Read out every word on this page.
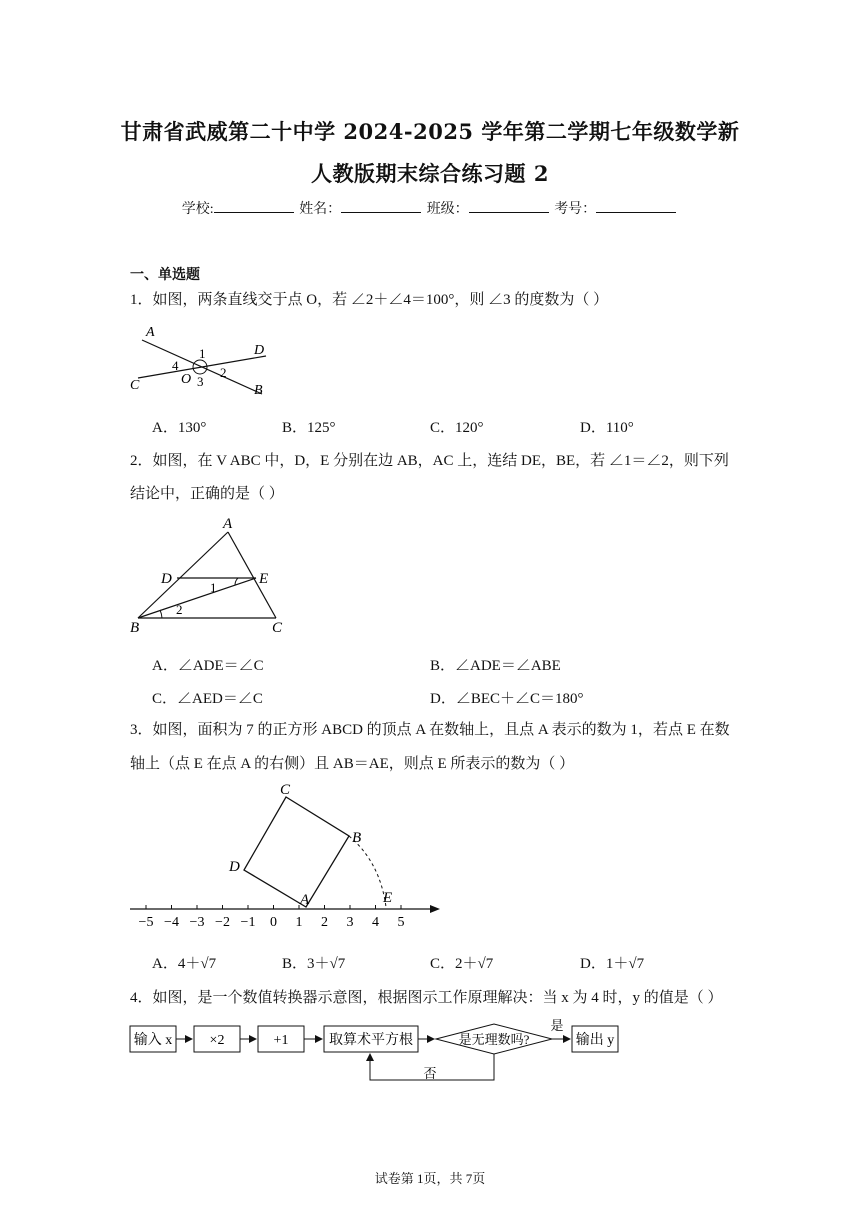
甘肃省武威第二十中学 2024-2025 学年第二学期七年级数学新
人教版期末综合练习题 2
学校:	姓名：	班级：	考号：
一、单选题
1．如图，两条直线交于点 O，若 ∠2＋∠4＝100°，则 ∠3 的度数为（ ）
A
D
C	B
O
1
2
3
4
A．130°	B．125°	C．120°	D．110°
2．如图，在 V ABC 中，D，E 分别在边 AB，AC 上，连结 DE，BE，若 ∠1＝∠2，则下列
结论中，正确的是（ ）
A
D	E
B	C
1
2
A．∠ADE＝∠C	B．∠ADE＝∠ABE
C．∠AED＝∠C	D．∠BEC＋∠C＝180°
3．如图，面积为 7 的正方形 ABCD 的顶点 A 在数轴上，且点 A 表示的数为 1，若点 E 在数
轴上（点 E 在点 A 的右侧）且 AB＝AE，则点 E 所表示的数为（ ）
−5 −4 −3 −2 −1 0 1 2 3 4 5
C
B
D
A	E
A．4＋√7	B．3＋√7	C．2＋√7	D．1＋√7
4．如图，是一个数值转换器示意图，根据图示工作原理解决：当 x 为 4 时，y 的值是（ ）
输入 x	×2	+1	取算术平方根	是无理数吗?	输出 y
是
否
试卷第 1页，共 7页
